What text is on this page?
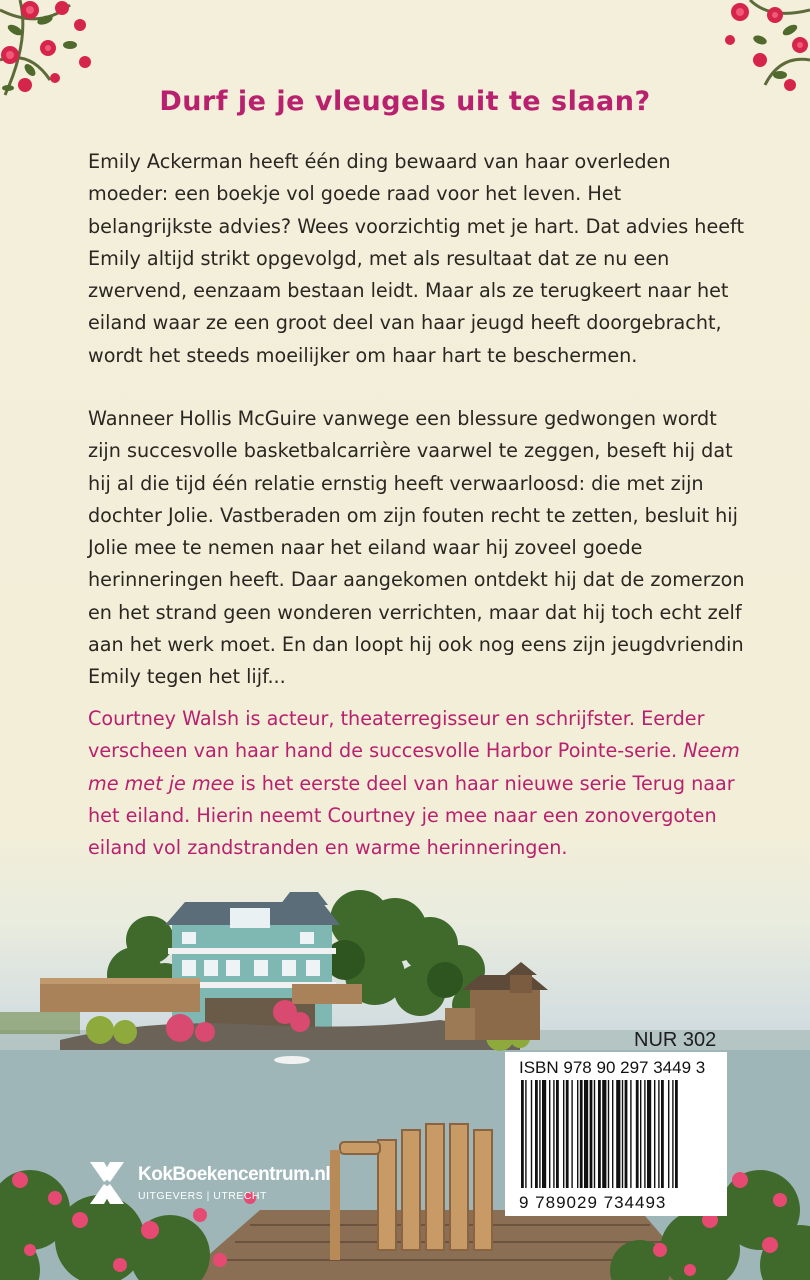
Durf je je vleugels uit te slaan?

Emily Ackerman heeft één ding bewaard van haar overleden moeder: een boekje vol goede raad voor het leven. Het belangrijkste advies? Wees voorzichtig met je hart. Dat advies heeft Emily altijd strikt opgevolgd, met als resultaat dat ze nu een zwervend, eenzaam bestaan leidt. Maar als ze terugkeert naar het eiland waar ze een groot deel van haar jeugd heeft doorgebracht, wordt het steeds moeilijker om haar hart te beschermen.

Wanneer Hollis McGuire vanwege een blessure gedwongen wordt zijn succesvolle basketbalcarrière vaarwel te zeggen, beseft hij dat hij al die tijd één relatie ernstig heeft verwaarloosd: die met zijn dochter Jolie. Vastberaden om zijn fouten recht te zetten, besluit hij Jolie mee te nemen naar het eiland waar hij zoveel goede herinneringen heeft. Daar aangekomen ontdekt hij dat de zomerzon en het strand geen wonderen verrichten, maar dat hij toch echt zelf aan het werk moet. En dan loopt hij ook nog eens zijn jeugdvriendin Emily tegen het lijf...

Courtney Walsh is acteur, theaterregisseur en schrijfster. Eerder verscheen van haar hand de succesvolle Harbor Pointe-serie. Neem me met je mee is het eerste deel van haar nieuwe serie Terug naar het eiland. Hierin neemt Courtney je mee naar een zonovergoten eiland vol zandstranden en warme herinneringen.

NUR 302
ISBN 978 90 297 3449 3
9 789029 734493
KokBoekencentrum.nl
UITGEVERS | UTRECHT
